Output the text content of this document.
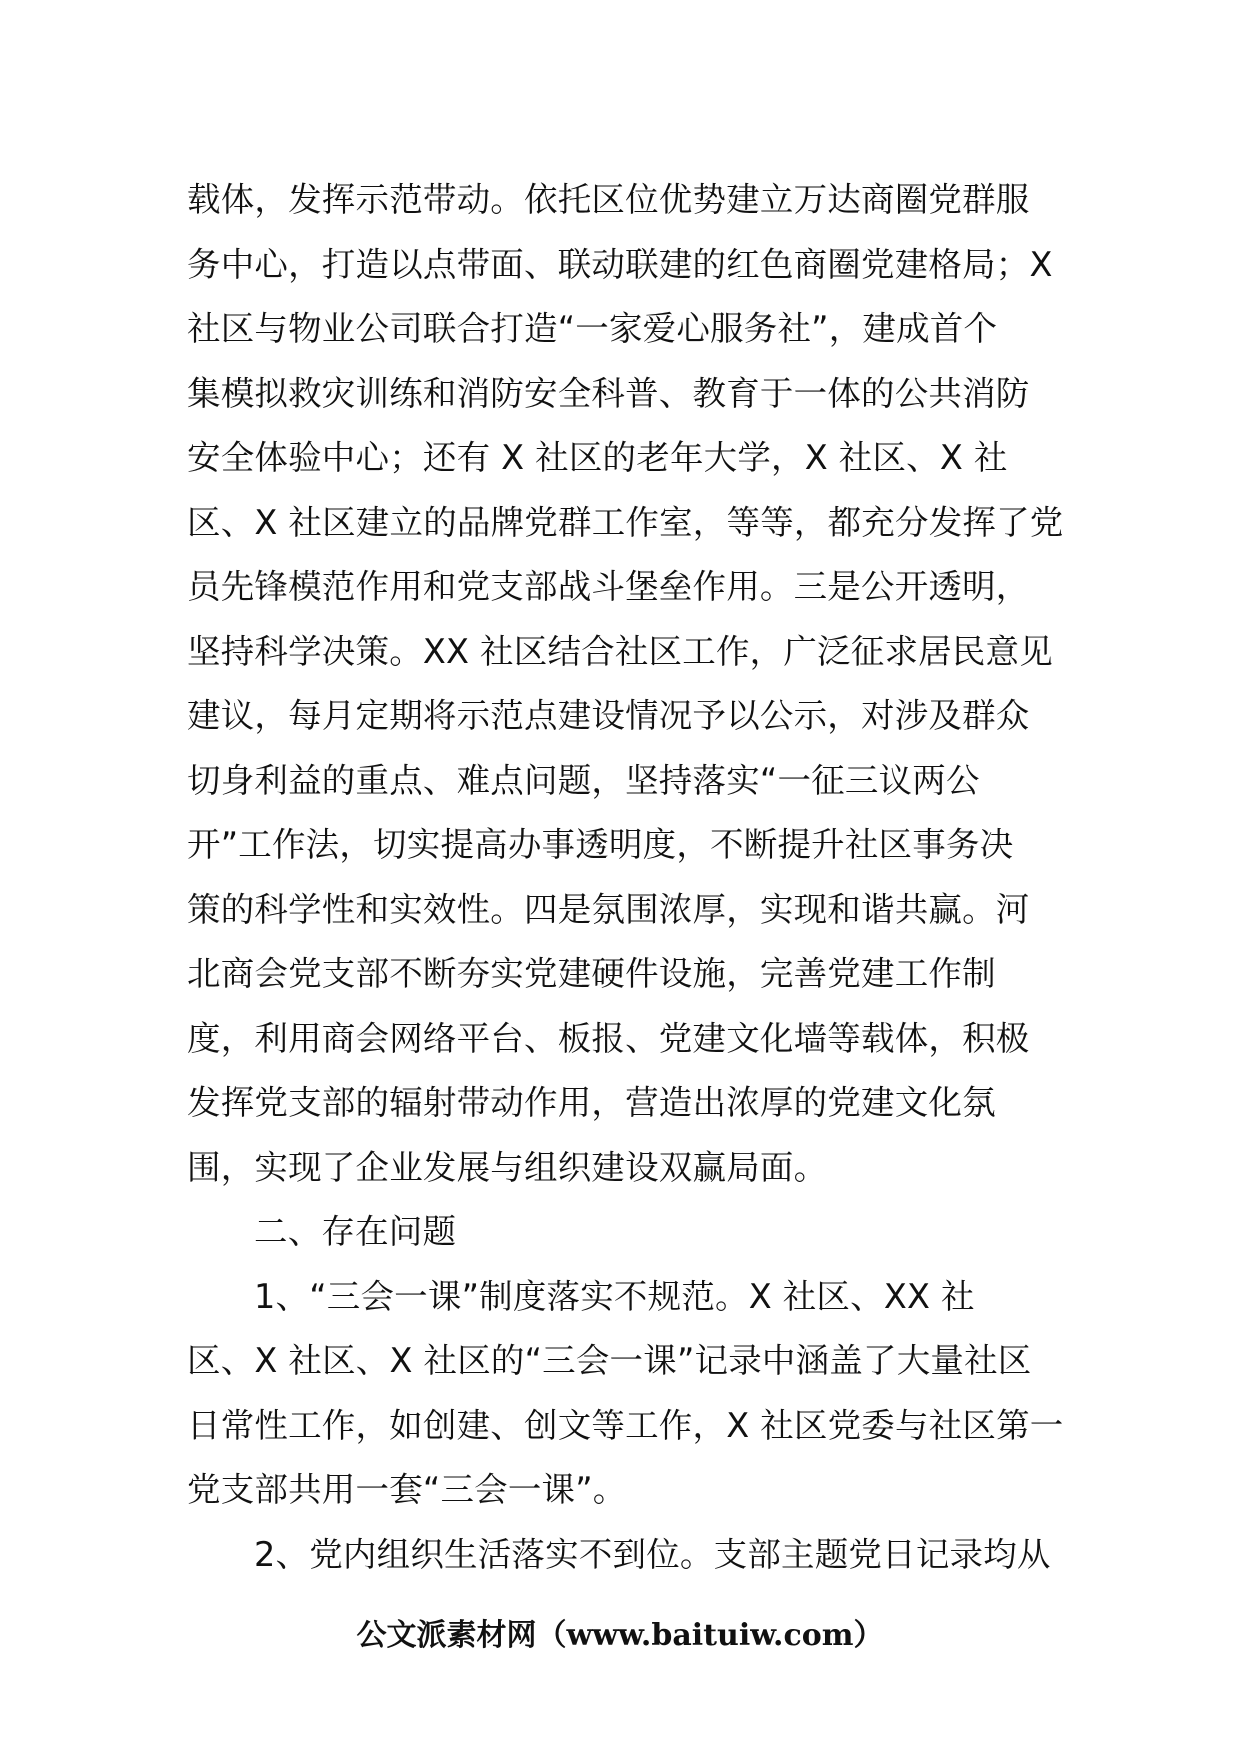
载体，发挥示范带动。依托区位优势建立万达商圈党群服
务中心，打造以点带面、联动联建的红色商圈党建格局；X
社区与物业公司联合打造“一家爱心服务社”，建成首个
集模拟救灾训练和消防安全科普、教育于一体的公共消防
安全体验中心；还有 X 社区的老年大学，X 社区、X 社
区、X 社区建立的品牌党群工作室，等等，都充分发挥了党
员先锋模范作用和党支部战斗堡垒作用。三是公开透明，
坚持科学决策。XX 社区结合社区工作，广泛征求居民意见
建议，每月定期将示范点建设情况予以公示，对涉及群众
切身利益的重点、难点问题，坚持落实“一征三议两公
开”工作法，切实提高办事透明度，不断提升社区事务决
策的科学性和实效性。四是氛围浓厚，实现和谐共赢。河
北商会党支部不断夯实党建硬件设施，完善党建工作制
度，利用商会网络平台、板报、党建文化墙等载体，积极
发挥党支部的辐射带动作用，营造出浓厚的党建文化氛
围，实现了企业发展与组织建设双赢局面。
二、存在问题
1、“三会一课”制度落实不规范。X 社区、XX 社
区、X 社区、X 社区的“三会一课”记录中涵盖了大量社区
日常性工作，如创建、创文等工作，X 社区党委与社区第一
党支部共用一套“三会一课”。
2、党内组织生活落实不到位。支部主题党日记录均从
公文派素材网（www.baituiw.com）
